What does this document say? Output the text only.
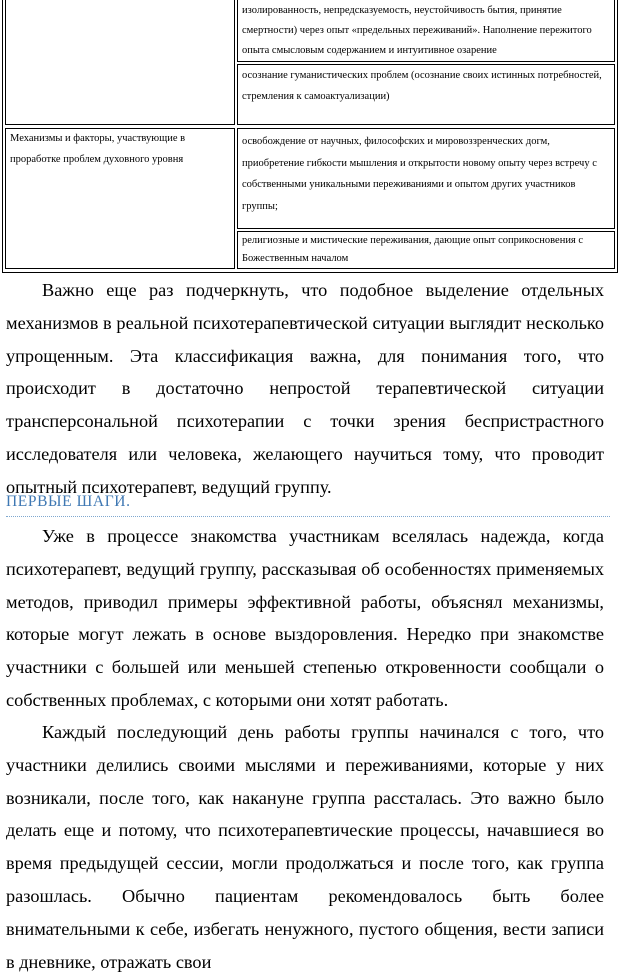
изолированность, непредсказуемость, неустойчивость бытия, принятие смертности) через опыт «предельных переживаний». Наполнение пережитого опыта смысловым содержанием и интуитивное озарение
осознание гуманистических проблем (осознание своих истинных потребностей, стремления к самоактуализации)
Механизмы и факторы, участвующие в проработке проблем духовного уровня
освобождение от научных, философских и мировоззренческих догм, приобретение гибкости мышления и открытости новому опыту через встречу с собственными уникальными переживаниями и опытом других участников группы;
религиозные и мистические переживания, дающие опыт соприкосновения с Божественным началом

Важно еще раз подчеркнуть, что подобное выделение отдельных механизмов в реальной психотерапевтической ситуации выглядит несколько упрощенным. Эта классификация важна, для понимания того, что происходит в достаточно непростой терапевтической ситуации трансперсональной психотерапии с точки зрения беспристрастного исследователя или человека, желающего научиться тому, что проводит опытный психотерапевт, ведущий группу.

ПЕРВЫЕ ШАГИ.

Уже в процессе знакомства участникам вселялась надежда, когда психотерапевт, ведущий группу, рассказывая об особенностях применяемых методов, приводил примеры эффективной работы, объяснял механизмы, которые могут лежать в основе выздоровления. Нередко при знакомстве участники с большей или меньшей степенью откровенности сообщали о собственных проблемах, с которыми они хотят работать.

Каждый последующий день работы группы начинался с того, что участники делились своими мыслями и переживаниями, которые у них возникали, после того, как накануне группа рассталась. Это важно было делать еще и потому, что психотерапевтические процессы, начавшиеся во время предыдущей сессии, могли продолжаться и после того, как группа разошлась. Обычно пациентам рекомендовалось быть более внимательными к себе, избегать ненужного, пустого общения, вести записи в дневнике, отражать свои
